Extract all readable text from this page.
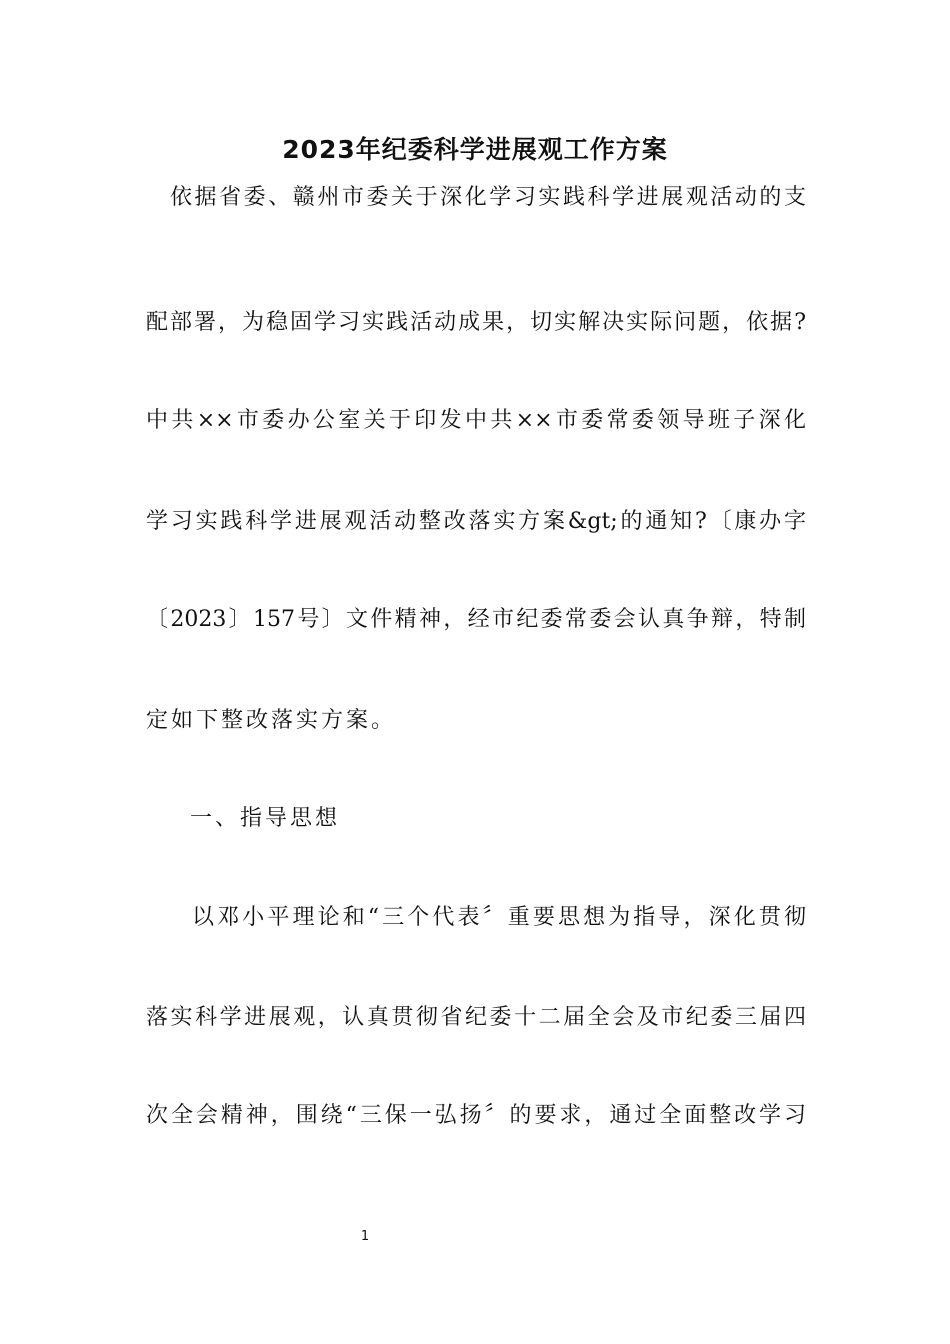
2023年纪委科学进展观工作方案
依据省委、赣州市委关于深化学习实践科学进展观活动的支
配部署，为稳固学习实践活动成果，切实解决实际问题，依据?
中共××市委办公室关于印发中共××市委常委领导班子深化
学习实践科学进展观活动整改落实方案&gt;的通知?〔康办字
〔2023〕157号〕文件精神，经市纪委常委会认真争辩，特制
定如下整改落实方案。
一、指导思想
以邓小平理论和“三个代表〞重要思想为指导，深化贯彻
落实科学进展观，认真贯彻省纪委十二届全会及市纪委三届四
次全会精神，围绕“三保一弘扬〞的要求，通过全面整改学习
1
